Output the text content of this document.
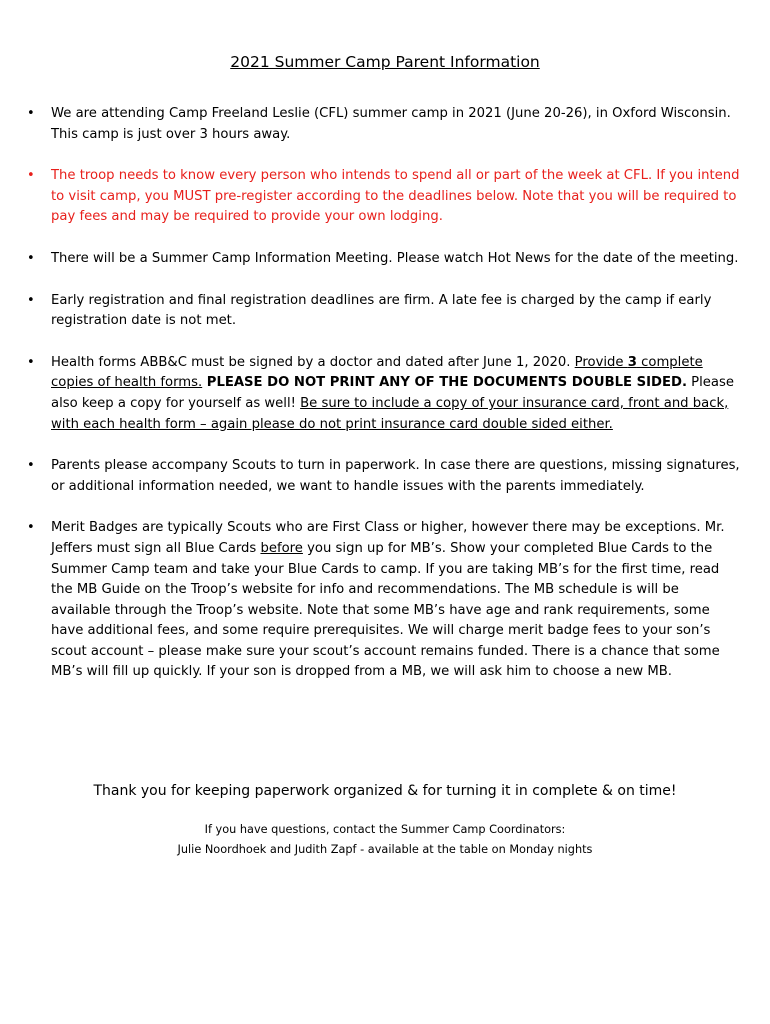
2021 Summer Camp Parent Information
• We are attending Camp Freeland Leslie (CFL) summer camp in 2021 (June 20-26), in Oxford Wisconsin. This camp is just over 3 hours away.
• The troop needs to know every person who intends to spend all or part of the week at CFL. If you intend to visit camp, you MUST pre-register according to the deadlines below. Note that you will be required to pay fees and may be required to provide your own lodging.
• There will be a Summer Camp Information Meeting. Please watch Hot News for the date of the meeting.
• Early registration and final registration deadlines are firm. A late fee is charged by the camp if early registration date is not met.
• Health forms ABB&C must be signed by a doctor and dated after June 1, 2020. Provide 3 complete copies of health forms. PLEASE DO NOT PRINT ANY OF THE DOCUMENTS DOUBLE SIDED. Please also keep a copy for yourself as well! Be sure to include a copy of your insurance card, front and back, with each health form – again please do not print insurance card double sided either.
• Parents please accompany Scouts to turn in paperwork. In case there are questions, missing signatures, or additional information needed, we want to handle issues with the parents immediately.
• Merit Badges are typically Scouts who are First Class or higher, however there may be exceptions. Mr. Jeffers must sign all Blue Cards before you sign up for MB’s. Show your completed Blue Cards to the Summer Camp team and take your Blue Cards to camp. If you are taking MB’s for the first time, read the MB Guide on the Troop’s website for info and recommendations. The MB schedule is will be available through the Troop’s website. Note that some MB’s have age and rank requirements, some have additional fees, and some require prerequisites. We will charge merit badge fees to your son’s scout account – please make sure your scout’s account remains funded. There is a chance that some MB’s will fill up quickly. If your son is dropped from a MB, we will ask him to choose a new MB.
Thank you for keeping paperwork organized & for turning it in complete & on time!
If you have questions, contact the Summer Camp Coordinators:
Julie Noordhoek and Judith Zapf - available at the table on Monday nights
